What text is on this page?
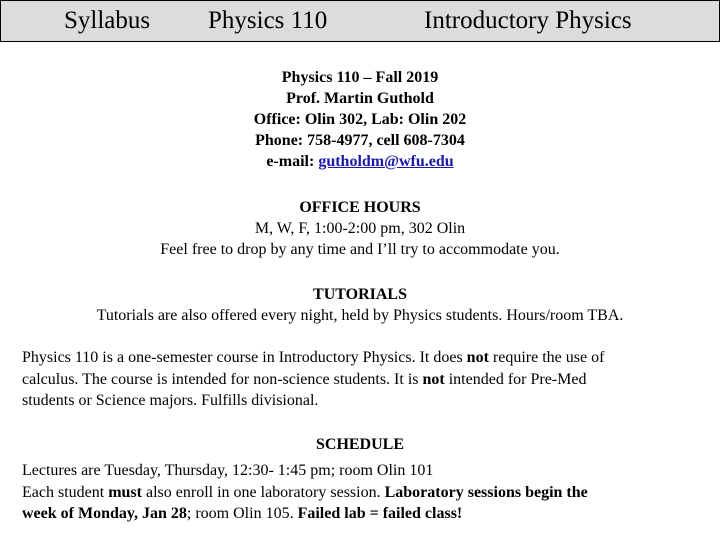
Syllabus Physics 110	Introductory Physics
Physics 110 – Fall 2019
Prof. Martin Guthold
Office: Olin 302, Lab: Olin 202
Phone: 758-4977, cell 608-7304
e-mail: gutholdm@wfu.edu
OFFICE HOURS
M, W, F, 1:00-2:00 pm, 302 Olin
Feel free to drop by any time and I’ll try to accommodate you.
TUTORIALS
Tutorials are also offered every night, held by Physics students. Hours/room TBA.

Physics 110 is a one-semester course in Introductory Physics. It does not require the use of

calculus. The course is intended for non-science students. It is not intended for Pre-Med

students or Science majors. Fulfills divisional.

SCHEDULE

Lectures are Tuesday, Thursday, 12:30- 1:45 pm; room Olin 101

Each student must also enroll in one laboratory session. Laboratory sessions begin the

week of Monday, Jan 28; room Olin 105. Failed lab = failed class!
